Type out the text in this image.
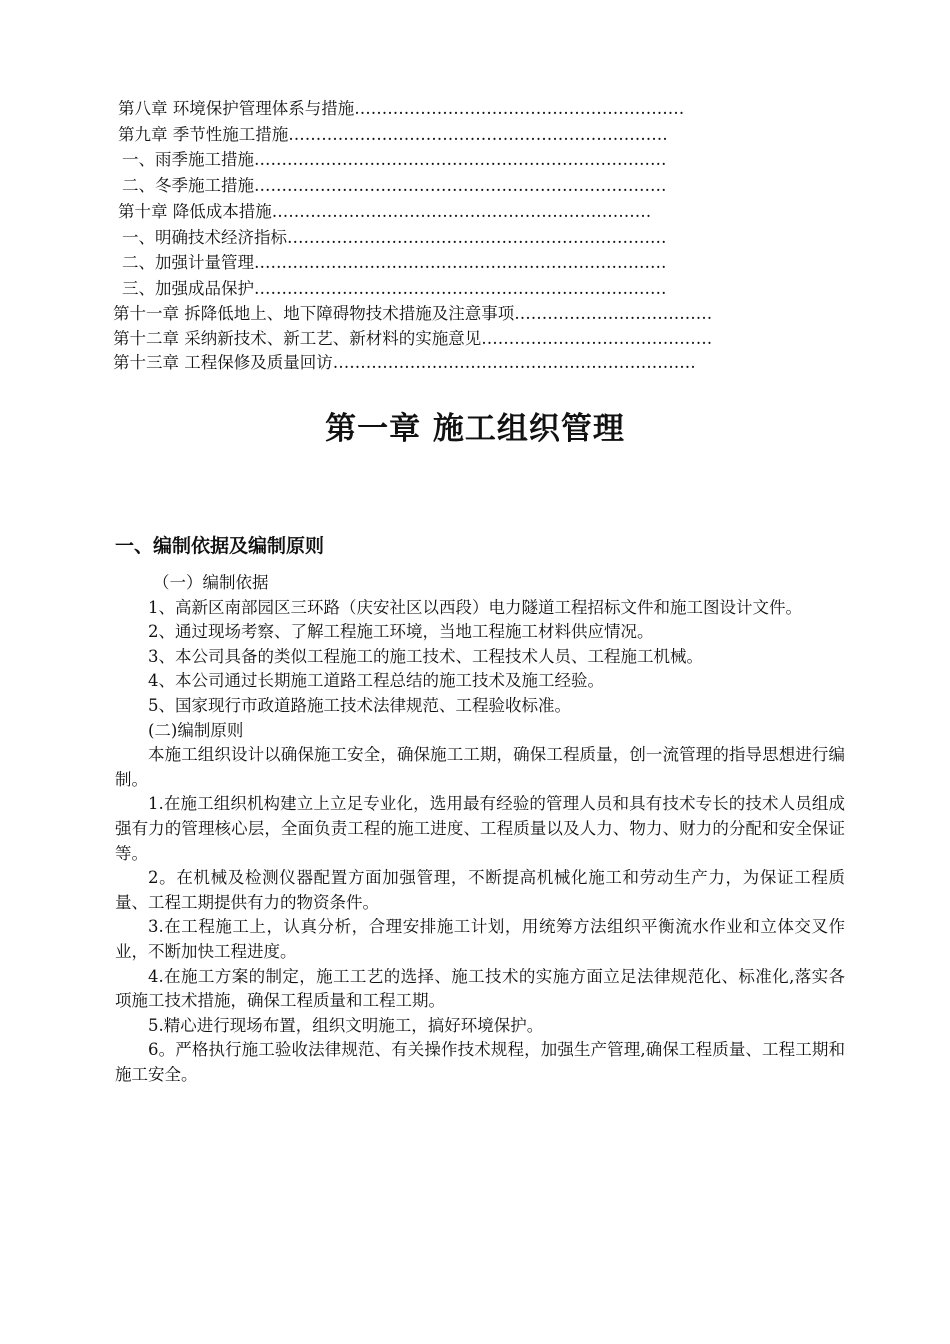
第八章 环境保护管理体系与措施……………………………………………………
第九章 季节性施工措施……………………………………………………………
一、雨季施工措施…………………………………………………………………
二、冬季施工措施…………………………………………………………………
第十章 降低成本措施……………………………………………………………
一、明确技术经济指标……………………………………………………………
二、加强计量管理…………………………………………………………………
三、加强成品保护…………………………………………………………………
第十一章 拆降低地上、地下障碍物技术措施及注意事项………………………………
第十二章 采纳新技术、新工艺、新材料的实施意见……………………………………
第十三章 工程保修及质量回访…………………………………………………………
第一章 施工组织管理
一、编制依据及编制原则

（一）编制依据

1、高新区南部园区三环路（庆安社区以西段）电力隧道工程招标文件和施工图设计文件。

2、通过现场考察、了解工程施工环境，当地工程施工材料供应情况。

3、本公司具备的类似工程施工的施工技术、工程技术人员、工程施工机械。

4、本公司通过长期施工道路工程总结的施工技术及施工经验。

5、国家现行市政道路施工技术法律规范、工程验收标准。

(二)编制原则

本施工组织设计以确保施工安全，确保施工工期，确保工程质量，创一流管理的指导思想进行编制。

1.在施工组织机构建立上立足专业化，选用最有经验的管理人员和具有技术专长的技术人员组成强有力的管理核心层，全面负责工程的施工进度、工程质量以及人力、物力、财力的分配和安全保证等。

2。在机械及检测仪器配置方面加强管理，不断提高机械化施工和劳动生产力，为保证工程质量、工程工期提供有力的物资条件。

3.在工程施工上，认真分析，合理安排施工计划，用统筹方法组织平衡流水作业和立体交叉作业，不断加快工程进度。

4.在施工方案的制定，施工工艺的选择、施工技术的实施方面立足法律规范化、标准化,落实各项施工技术措施，确保工程质量和工程工期。

5.精心进行现场布置，组织文明施工，搞好环境保护。

6。严格执行施工验收法律规范、有关操作技术规程，加强生产管理,确保工程质量、工程工期和施工安全。
